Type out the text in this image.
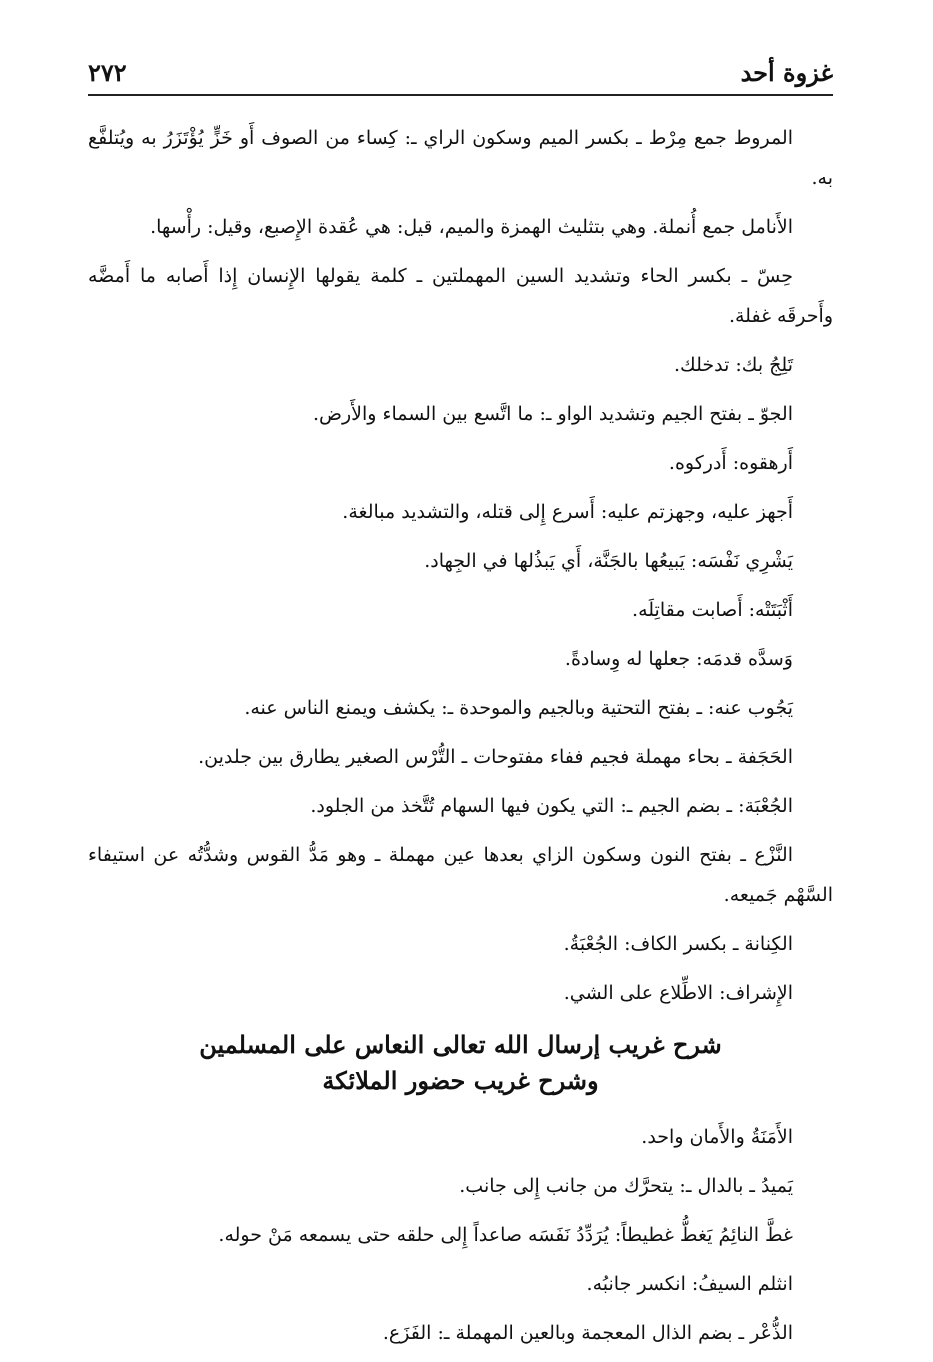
غزوة أحد
٢٧٢

المروط جمع مِرْط ـ بكسر الميم وسكون الراي ـ: كِساء من الصوف أَو خَزٍّ يُؤْتَزَرُ به ويُتلفَّع به.

الأَنامل جمع أُنملة. وهي بتثليث الهمزة والميم، قيل: هي عُقدة الإِصبع، وقيل: رأْسها.

حِسّ ـ بكسر الحاء وتشديد السين المهملتين ـ كلمة يقولها الإِنسان إِذا أَصابه ما أَمضَّه وأَحرقَه غفلة.

تَلِجُ بك: تدخلك.

الجوّ ـ بفتح الجيم وتشديد الواو ـ: ما اتَّسع بين السماء والأَرض.

أَرهقوه: أَدركوه.

أَجهز عليه، وجهزتم عليه: أَسرع إِلى قتله، والتشديد مبالغة.

يَشْرِي نَفْسَه: يَبيعُها بالجَنَّة، أَي يَبذُلها في الجِهاد.

أَثْبَتَتْه: أَصابت مقاتِلَه.

وَسدَّه قدمَه: جعلها له وِسادةً.

يَجُوب عنه: ـ بفتح التحتية وبالجيم والموحدة ـ: يكشف ويمنع الناس عنه.

الحَجَفة ـ بحاء مهملة فجيم ففاء مفتوحات ـ التُّرْس الصغير يطارق بين جلدين.

الجُعْبَة: ـ بضم الجيم ـ: التي يكون فيها السهام تُتَّخذ من الجلود.

النَّزْع ـ بفتح النون وسكون الزاي بعدها عين مهملة ـ وهو مَدُّ القوس وشدُّتُه عن استيفاء السَّهْم جَميعه.

الكِنانة ـ بكسر الكاف: الجُعْبَةُ.

الإِشراف: الاطِّلاع على الشي.

شرح غريب إرسال الله تعالى النعاس على المسلمين
وشرح غريب حضور الملائكة

الأَمَنَةُ والأَمان واحد.

يَميدُ ـ بالدال ـ: يتحرَّك من جانب إِلى جانب.

غطَّ النائِمُ يَغطُّ غطيطاً: يُرَدِّدُ نَفَسَه صاعداً إِلى حلقه حتى يسمعه مَنْ حوله.

انثلم السيفُ: انكسر جانبُه.

الذُّعْر ـ بضم الذال المعجمة وبالعين المهملة ـ: الفَزَع.
